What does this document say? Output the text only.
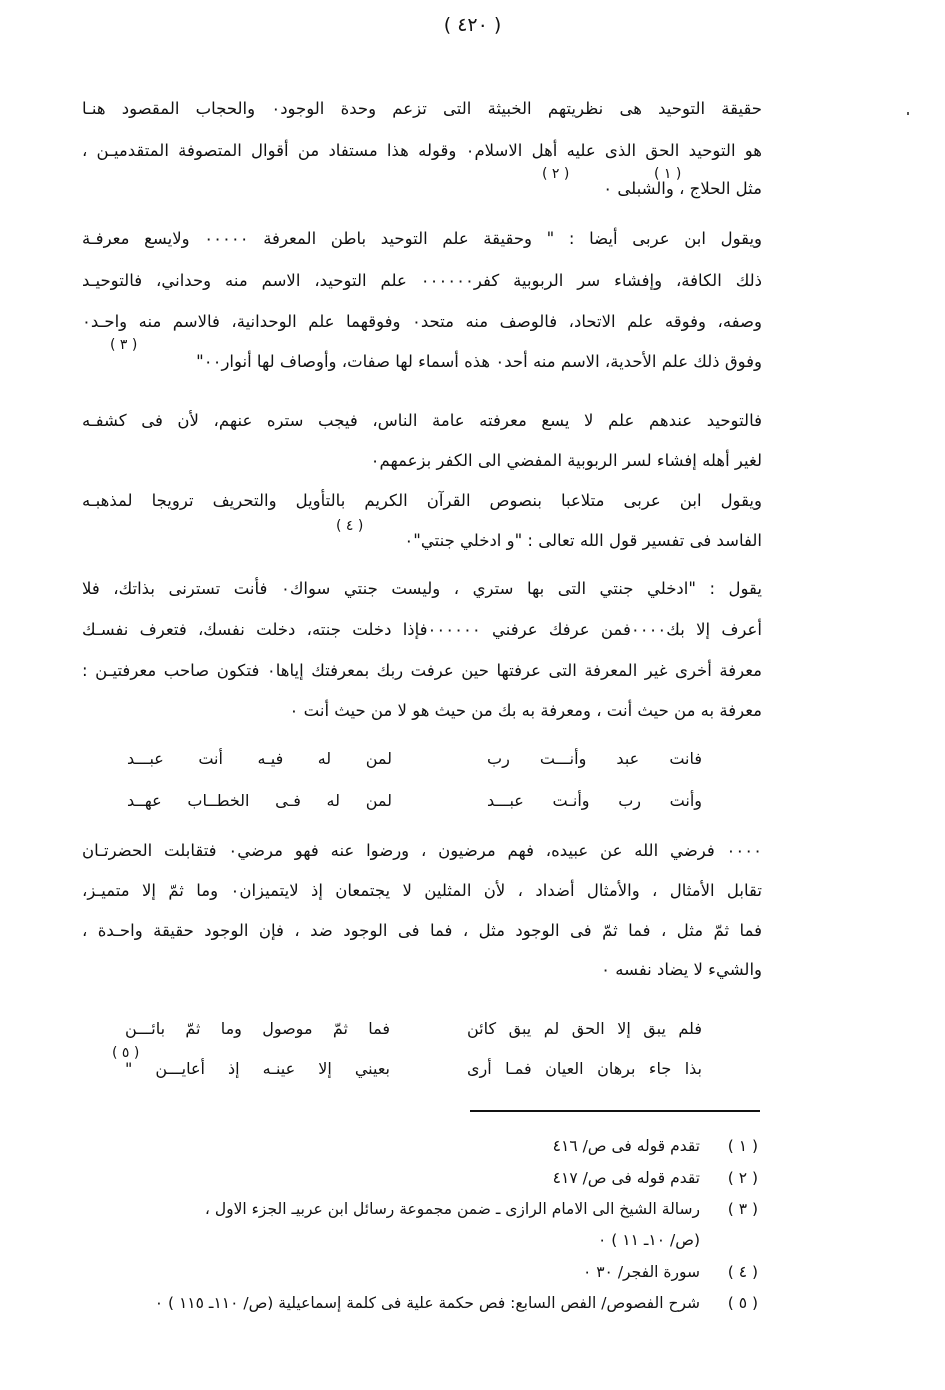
( ٤٢٠ )
حقيقة التوحيد هى نظريتهم الخبيثة التى تزعم وحدة الوجود٠ والحجاب المقصود هنـا
هو التوحيد الحق الذى عليه أهل الاسلام٠ وقوله هذا مستفاد من أقوال المتصوفة المتقدميـن ،
مثل الحلاج ، والشبلى ٠
( ١ )
( ٢ )
ويقول ابن عربى أيضا : " وحقيقة علم التوحيد باطن المعرفة ٠٠٠٠٠ ولايسع معرفـة
ذلك الكافة، وإفشاء سر الربوبية كفر٠٠٠٠٠٠ علم التوحيد، الاسم منه وحداني، فالتوحيـد
وصفه، وفوقه علم الاتحاد، فالوصف منه متحد٠ وفوقهما علم الوحدانية، فالاسم منه واحـد٠
وفوق ذلك علم الأحدية، الاسم منه أحد٠ هذه أسماء لها صفات، وأوصاف لها أنوار٠٠"
( ٣ )
فالتوحيد عندهم علم لا يسع معرفته عامة الناس، فيجب ستره عنهم، لأن فى كشفـه
لغير أهله إفشاء لسر الربوبية المفضي الى الكفر بزعمهم٠
ويقول ابن عربى متلاعبا بنصوص القرآن الكريم بالتأويل والتحريف ترويجا لمذهبـه
الفاسد فى تفسير قول الله تعالى : "و ادخلي جنتي"٠
( ٤ )
يقول : "ادخلي جنتي التى بها ستري ، وليست جنتي سواك٠ فأنت تسترنى بذاتك، فلا
أعرف إلا بك٠٠٠٠فمن عرفك عرفني ٠٠٠٠٠٠فإذا دخلت جنته، دخلت نفسك، فتعرف نفسـك
معرفة أخرى غير المعرفة التى عرفتها حين عرفت ربك بمعرفتك إياها٠ فتكون صاحب معرفتيـن :
معرفة به من حيث أنت ، ومعرفة به بك من حيث هو لا من حيث أنت ٠
فانت عبد وأنـــت رب
لمن له فيـه أنت عبـــد
وأنت رب وأنـت عبـــد
لمن له فـى الخطــاب عهــد
٠٠٠٠ فرضي الله عن عبيده، فهم مرضيون ، ورضوا عنه فهو مرضي٠ فتقابلت الحضرتـان
تقابل الأمثال ، والأمثال أضداد ، لأن المثلين لا يجتمعان إذ لايتميزان٠ وما ثمّ إلا متميـز،
فما ثمّ مثل ، فما ثمّ فى الوجود مثل ، فما فى الوجود ضد ، فإن الوجود حقيقة واحـدة ،
والشيء لا يضاد نفسه ٠
فلم يبق إلا الحق لم يبق كائن
فما ثمّ موصول وما ثمّ بائـــن
بذا جاء برهان العيان فمـا أرى
بعيني إلا عينـه إذ أعايـــن "
( ٥ )
( ١ )
تقدم قوله فى ص/ ٤١٦
( ٢ )
تقدم قوله فى ص/ ٤١٧
( ٣ )
رسالة الشيخ الى الامام الرازى ـ ضمن مجموعة رسائل ابن عربيـ الجزء الاول ،
(ص/ ١٠ـ ١١ ) ٠
( ٤ )
سورة الفجر/ ٣٠ ٠
( ٥ )
شرح الفصوص/ الفص السابع: فص حكمة علية فى كلمة إسماعيلية (ص/ ١١٠ـ ١١٥ ) ٠
